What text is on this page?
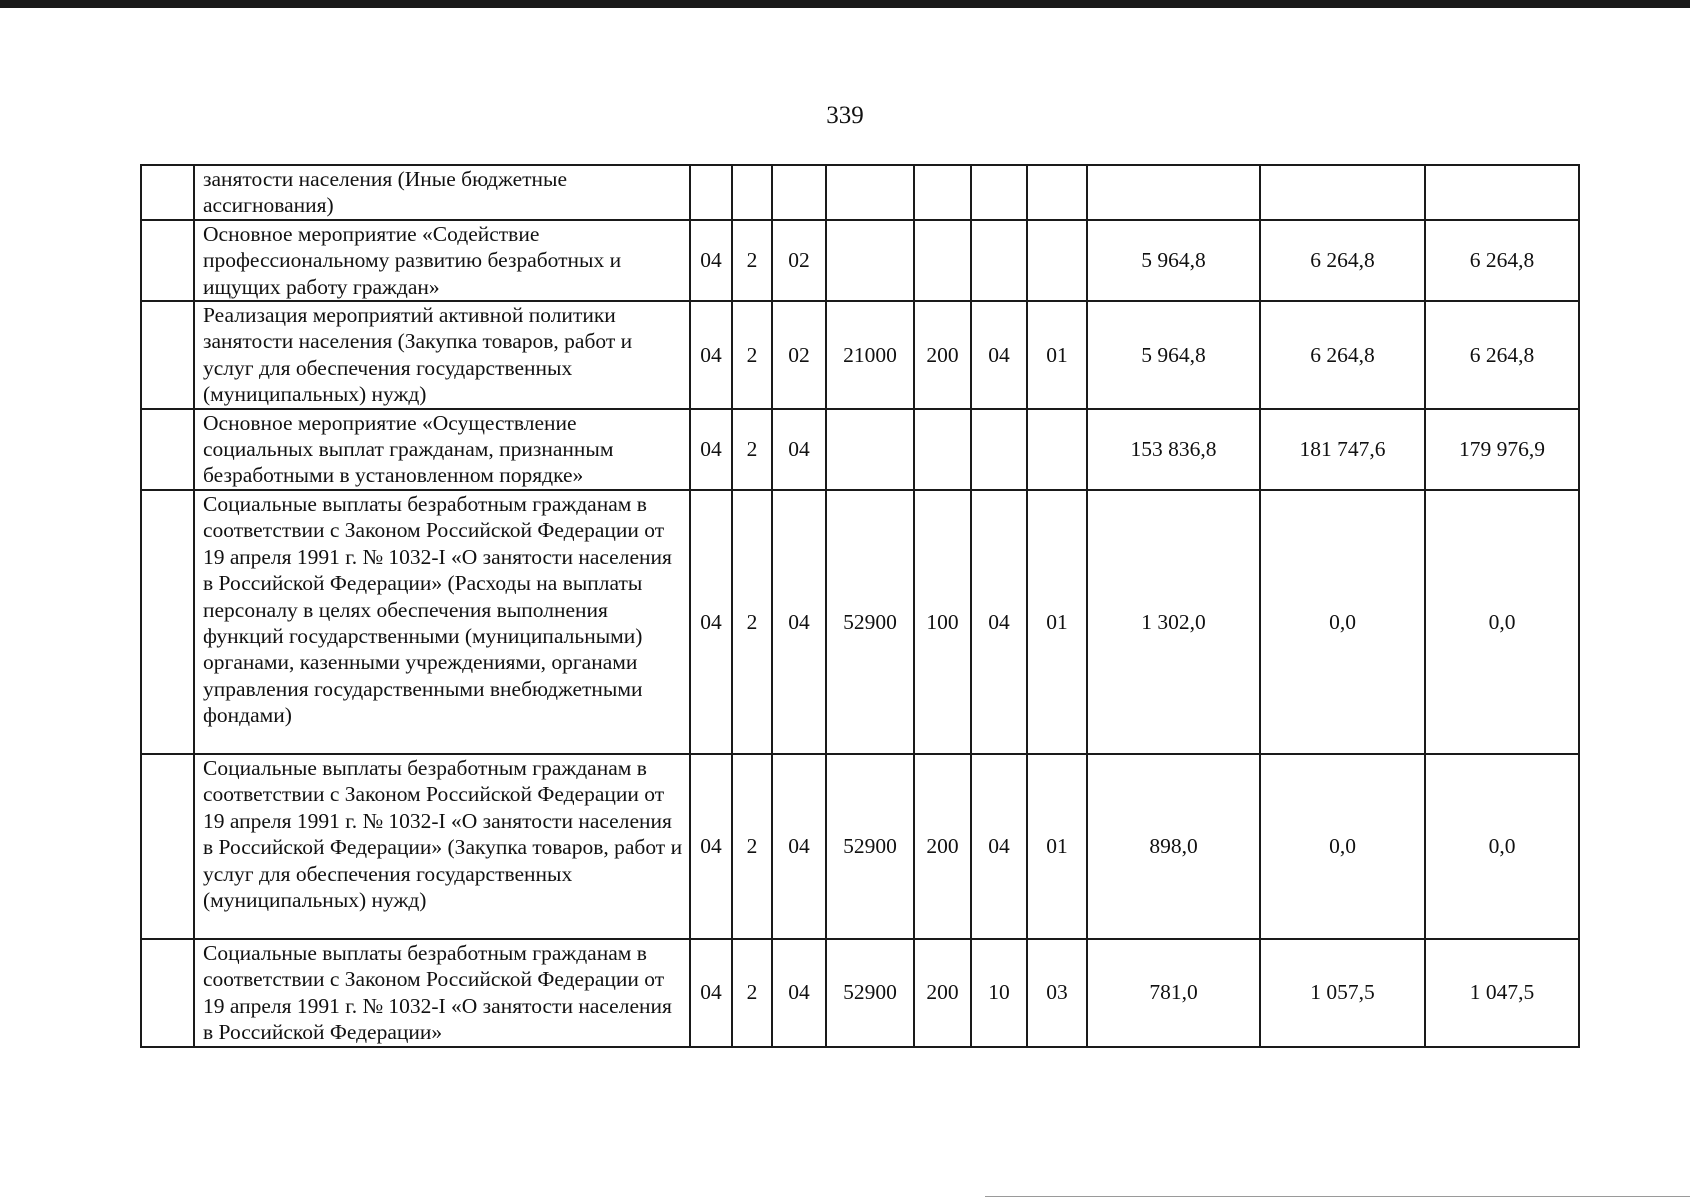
339
	занятости населения (Иные бюджетные ассигнования)										
	Основное мероприятие «Содействие профессиональному развитию безработных и ищущих работу граждан»	04	2	02					5 964,8	6 264,8	6 264,8
	Реализация мероприятий активной политики занятости населения (Закупка товаров, работ и услуг для обеспечения государственных (муниципальных) нужд)	04	2	02	21000	200	04	01	5 964,8	6 264,8	6 264,8
	Основное мероприятие «Осуществление социальных выплат гражданам, признанным безработными в установленном порядке»	04	2	04					153 836,8	181 747,6	179 976,9
	Социальные выплаты безработным гражданам в соответствии с Законом Российской Федерации от 19 апреля 1991 г. № 1032-I «О занятости населения в Российской Федерации» (Расходы на выплаты персоналу в целях обеспечения выполнения функций государственными (муниципальными) органами, казенными учреждениями, органами управления государственными внебюджетными фондами)	04	2	04	52900	100	04	01	1 302,0	0,0	0,0
	Социальные выплаты безработным гражданам в соответствии с Законом Российской Федерации от 19 апреля 1991 г. № 1032-I «О занятости населения в Российской Федерации» (Закупка товаров, работ и услуг для обеспечения государственных (муниципальных) нужд)	04	2	04	52900	200	04	01	898,0	0,0	0,0
	Социальные выплаты безработным гражданам в соответствии с Законом Российской Федерации от 19 апреля 1991 г. № 1032-I «О занятости населения в Российской Федерации»	04	2	04	52900	200	10	03	781,0	1 057,5	1 047,5
